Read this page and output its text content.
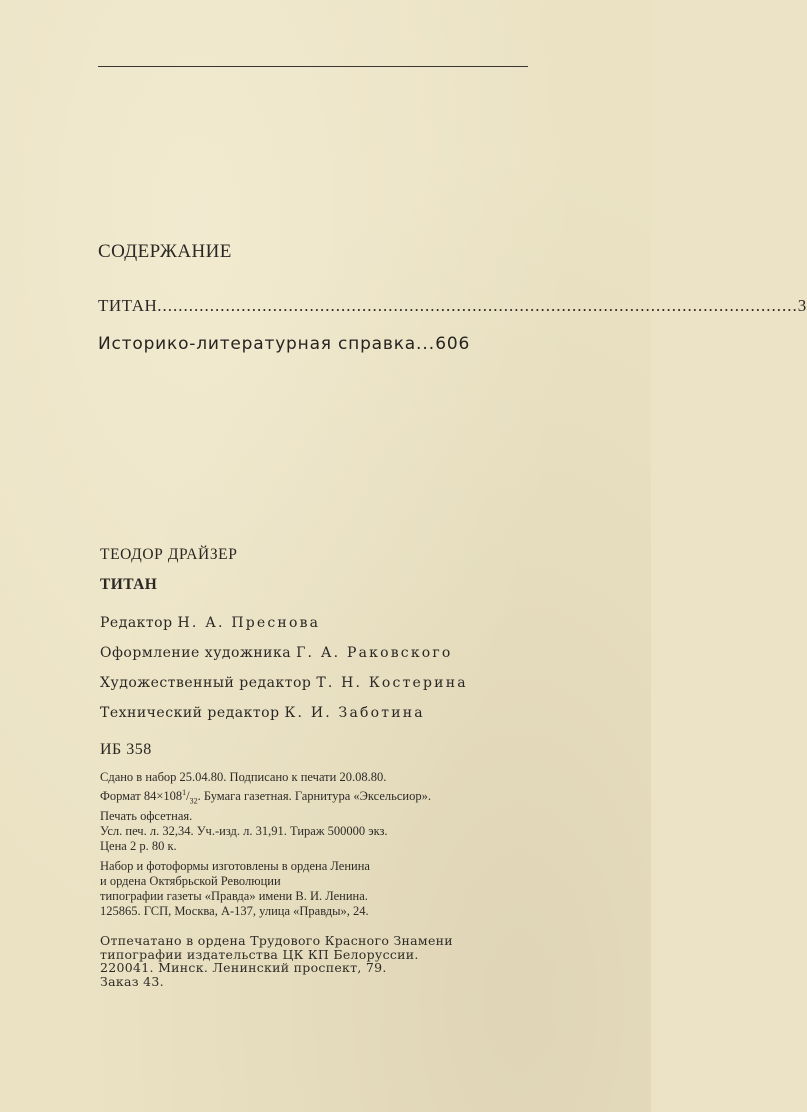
СОДЕРЖАНИЕ
ТИТАН .......................................................................................................................... 3
Историко-литературная справка ... 606
ТЕОДОР ДРАЙЗЕР
ТИТАН
Редактор Н. А. Преснова
Оформление художника Г. А. Раковского
Художественный редактор Т. Н. Костерина
Технический редактор К. И. Заботина
ИБ 358
Сдано в набор 25.04.80. Подписано к печати 20.08.80.
Формат $84\times 108^1/_{32}$. Бумага газетная. Гарнитура «Эксельсиор».
Печать офсетная.
Усл. печ. л. 32,34. Уч.-изд. л. 31,91. Тираж 500000 экз.
Цена 2 р. 80 к.
Набор и фотоформы изготовлены в ордена Ленина
и ордена Октябрьской Революции
типографии газеты «Правда» имени В. И. Ленина.
125865. ГСП, Москва, А-137, улица «Правды», 24.
Отпечатано в ордена Трудового Красного Знамени
типографии издательства ЦК КП Белоруссии.
220041. Минск. Ленинский проспект, 79.
Заказ 43.
